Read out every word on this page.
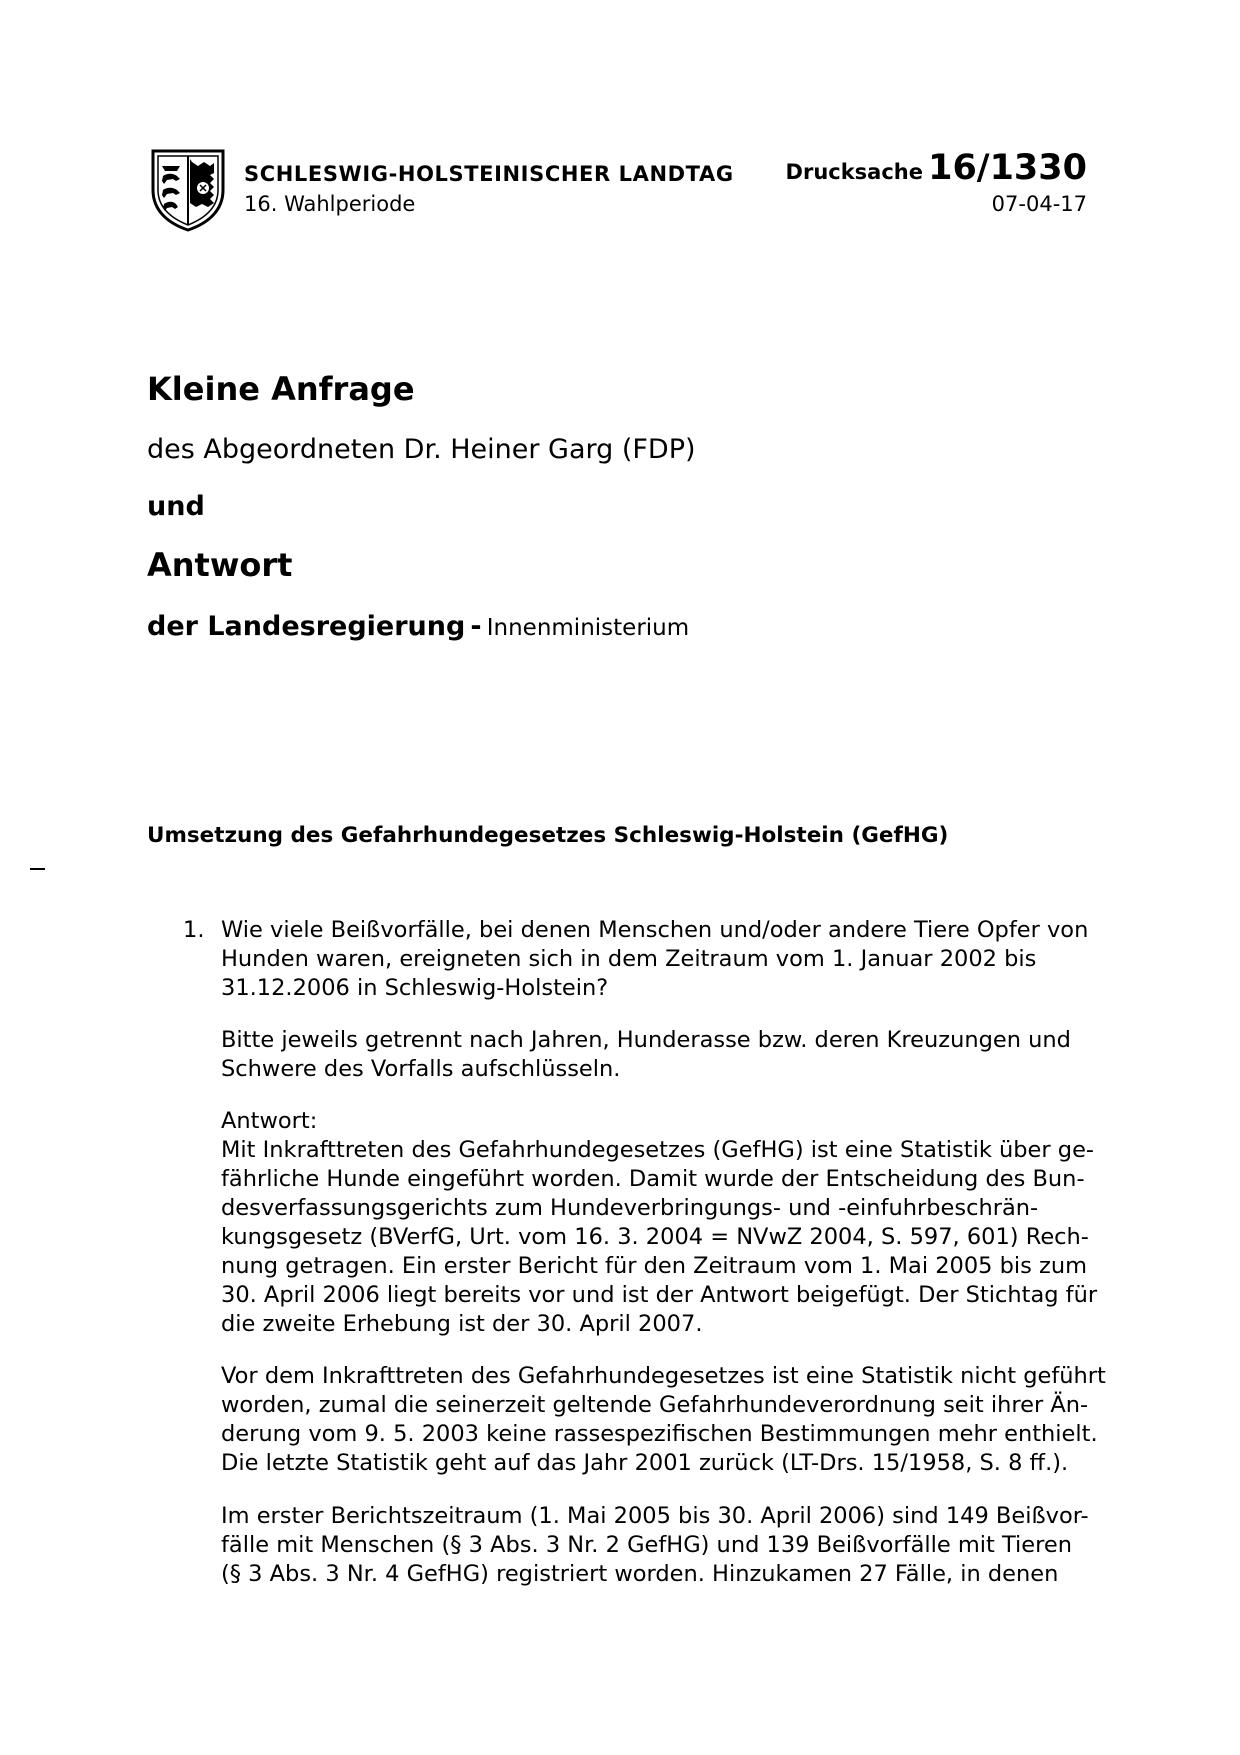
SCHLESWIG-HOLSTEINISCHER LANDTAG
16. Wahlperiode
Drucksache 16/1330
07-04-17
Kleine Anfrage
des Abgeordneten Dr. Heiner Garg (FDP)
und
Antwort
der Landesregierung - Innenministerium
Umsetzung des Gefahrhundegesetzes Schleswig-Holstein (GefHG)
1. Wie viele Beißvorfälle, bei denen Menschen und/oder andere Tiere Opfer von
Hunden waren, ereigneten sich in dem Zeitraum vom 1. Januar 2002 bis
31.12.2006 in Schleswig-Holstein?
Bitte jeweils getrennt nach Jahren, Hunderasse bzw. deren Kreuzungen und
Schwere des Vorfalls aufschlüsseln.
Antwort:
Mit Inkrafttreten des Gefahrhundegesetzes (GefHG) ist eine Statistik über ge-
fährliche Hunde eingeführt worden. Damit wurde der Entscheidung des Bun-
desverfassungsgerichts zum Hundeverbringungs- und -einfuhrbeschrän-
kungsgesetz (BVerfG, Urt. vom 16. 3. 2004 = NVwZ 2004, S. 597, 601) Rech-
nung getragen. Ein erster Bericht für den Zeitraum vom 1. Mai 2005 bis zum
30. April 2006 liegt bereits vor und ist der Antwort beigefügt. Der Stichtag für
die zweite Erhebung ist der 30. April 2007.
Vor dem Inkrafttreten des Gefahrhundegesetzes ist eine Statistik nicht geführt
worden, zumal die seinerzeit geltende Gefahrhundeverordnung seit ihrer Än-
derung vom 9. 5. 2003 keine rassespezifischen Bestimmungen mehr enthielt.
Die letzte Statistik geht auf das Jahr 2001 zurück (LT-Drs. 15/1958, S. 8 ff.).
Im erster Berichtszeitraum (1. Mai 2005 bis 30. April 2006) sind 149 Beißvor-
fälle mit Menschen (§ 3 Abs. 3 Nr. 2 GefHG) und 139 Beißvorfälle mit Tieren
(§ 3 Abs. 3 Nr. 4 GefHG) registriert worden. Hinzukamen 27 Fälle, in denen
